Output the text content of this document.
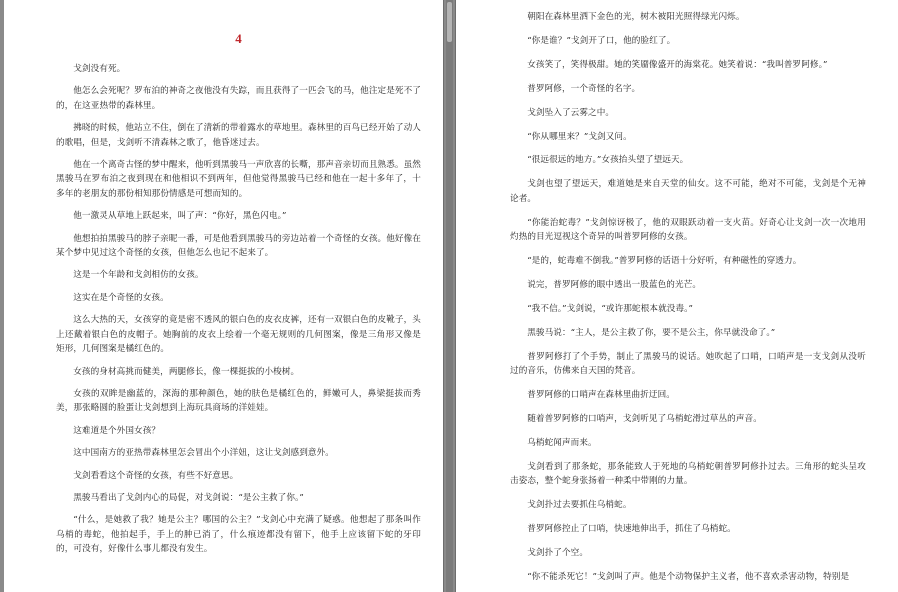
4

戈剑没有死。

他怎么会死呢？罗布泊的神奇之夜他没有失踪，而且获得了一匹会飞的马，他注定是死不了的，在这亚热带的森林里。

拂晓的时候，他站立不住，倒在了清新的带着露水的草地里。森林里的百鸟已经开始了动人的歌唱，但是，戈剑听不清森林之歌了，他昏迷过去。

他在一个离奇古怪的梦中醒来，他听到黑骏马一声欣喜的长嘶，那声音亲切而且熟悉。虽然黑骏马在罗布泊之夜到现在和他相识不到两年，但他觉得黑骏马已经和他在一起十多年了，十多年的老朋友的那份相知那份情感是可想而知的。

他一激灵从草地上跃起来，叫了声：“你好，黑色闪电。”

他想拍拍黑骏马的脖子亲昵一番，可是他看到黑骏马的旁边站着一个奇怪的女孩。他好像在某个梦中见过这个奇怪的女孩，但他怎么也记不起来了。

这是一个年龄和戈剑相仿的女孩。

这实在是个奇怪的女孩。

这么大热的天，女孩穿的竟是密不透风的银白色的皮衣皮裤，还有一双银白色的皮靴子，头上还戴着银白色的皮帽子。她胸前的皮衣上绘着一个毫无规则的几何图案，像是三角形又像是矩形，几何图案是橘红色的。

女孩的身材高挑而健美，两腿修长，像一棵挺拔的小梭树。

女孩的双眸是幽蓝的，深海的那种颜色，她的肤色是橘红色的，鲜嫩可人，鼻梁挺拔而秀美，那张略圆的脸蛋让戈剑想到上海玩具商场的洋娃娃。

这难道是个外国女孩？

这中国南方的亚热带森林里怎会冒出个小洋妞，这让戈剑感到意外。

戈剑看看这个奇怪的女孩，有些不好意思。

黑骏马看出了戈剑内心的局促，对戈剑说：“是公主救了你。”

“什么，是她救了我？她是公主？哪国的公主？”戈剑心中充满了疑惑。他想起了那条叫作乌梢的毒蛇，他拍起手，手上的肿已消了，什么痕迹都没有留下，他手上应该留下蛇的牙印的，可没有，好像什么事儿都没有发生。

朝阳在森林里洒下金色的光，树木被阳光照得绿光闪烁。

“你是谁？”戈剑开了口，他的脸红了。

女孩笑了，笑得极甜。她的笑靥像盛开的海棠花。她笑着说：“我叫普罗阿修。”

普罗阿修，一个奇怪的名字。

戈剑坠入了云雾之中。

“你从哪里来？”戈剑又问。

“很远很远的地方。”女孩抬头望了望远天。

戈剑也望了望远天，难道她是来自天堂的仙女。这不可能，绝对不可能，戈剑是个无神论者。

“你能治蛇毒？”戈剑惊讶极了，他的双眼跃动着一支火苗。好奇心让戈剑一次一次地用灼热的目光逗视这个奇异的叫普罗阿修的女孩。

“是的，蛇毒难不倒我。”普罗阿修的话语十分好听，有种磁性的穿透力。

说完，普罗阿修的眼中透出一股蓝色的光芒。

“我不信。”戈剑说，“或许那蛇根本就没毒。”

黑骏马说：“主人，是公主救了你，要不是公主，你早就没命了。”

普罗阿修打了个手势，制止了黑骏马的说话。她吹起了口哨，口哨声是一支戈剑从没听过的音乐，仿佛来自天国的梵音。

普罗阿修的口哨声在森林里曲折迂回。

随着普罗阿修的口哨声，戈剑听见了乌梢蛇滑过草丛的声音。

乌梢蛇闻声而来。

戈剑看到了那条蛇，那条能致人于死地的乌梢蛇朝普罗阿修扑过去。三角形的蛇头呈攻击姿态，整个蛇身张扬着一种柔中带刚的力量。

戈剑扑过去要抓住乌梢蛇。

普罗阿修控止了口哨，快速地伸出手，抓住了乌梢蛇。

戈剑扑了个空。

“你不能杀死它！”戈剑叫了声。他是个动物保护主义者，他不喜欢杀害动物，特别是
